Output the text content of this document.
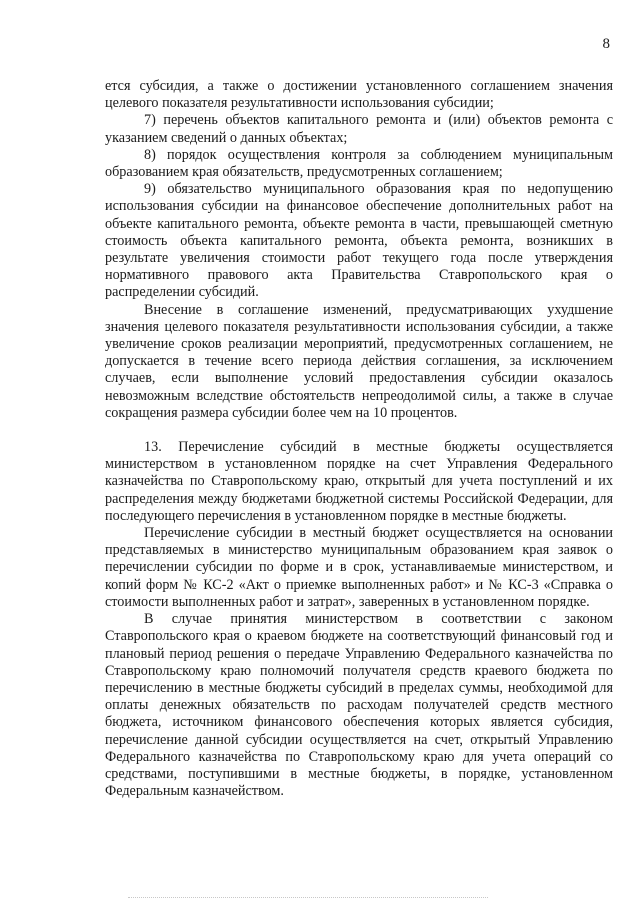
8

ется субсидия, а также о достижении установленного соглашением значения целевого показателя результативности использования субсидии;

7) перечень объектов капитального ремонта и (или) объектов ремонта с указанием сведений о данных объектах;

8) порядок осуществления контроля за соблюдением муниципальным образованием края обязательств, предусмотренных соглашением;

9) обязательство муниципального образования края по недопущению использования субсидии на финансовое обеспечение дополнительных работ на объекте капитального ремонта, объекте ремонта в части, превышающей сметную стоимость объекта капитального ремонта, объекта ремонта, возникших в результате увеличения стоимости работ текущего года после утверждения нормативного правового акта Правительства Ставропольского края о распределении субсидий.

Внесение в соглашение изменений, предусматривающих ухудшение значения целевого показателя результативности использования субсидии, а также увеличение сроков реализации мероприятий, предусмотренных соглашением, не допускается в течение всего периода действия соглашения, за исключением случаев, если выполнение условий предоставления субсидии оказалось невозможным вследствие обстоятельств непреодолимой силы, а также в случае сокращения размера субсидии более чем на 10 процентов.

13. Перечисление субсидий в местные бюджеты осуществляется министерством в установленном порядке на счет Управления Федерального казначейства по Ставропольскому краю, открытый для учета поступлений и их распределения между бюджетами бюджетной системы Российской Федерации, для последующего перечисления в установленном порядке в местные бюджеты.

Перечисление субсидии в местный бюджет осуществляется на основании представляемых в министерство муниципальным образованием края заявок о перечислении субсидии по форме и в срок, устанавливаемые министерством, и копий форм № КС-2 «Акт о приемке выполненных работ» и № КС-3 «Справка о стоимости выполненных работ и затрат», заверенных в установленном порядке.

В случае принятия министерством в соответствии с законом Ставропольского края о краевом бюджете на соответствующий финансовый год и плановый период решения о передаче Управлению Федерального казначейства по Ставропольскому краю полномочий получателя средств краевого бюджета по перечислению в местные бюджеты субсидий в пределах суммы, необходимой для оплаты денежных обязательств по расходам получателей средств местного бюджета, источником финансового обеспечения которых является субсидия, перечисление данной субсидии осуществляется на счет, открытый Управлению Федерального казначейства по Ставропольскому краю для учета операций со средствами, поступившими в местные бюджеты, в порядке, установленном Федеральным казначейством.
